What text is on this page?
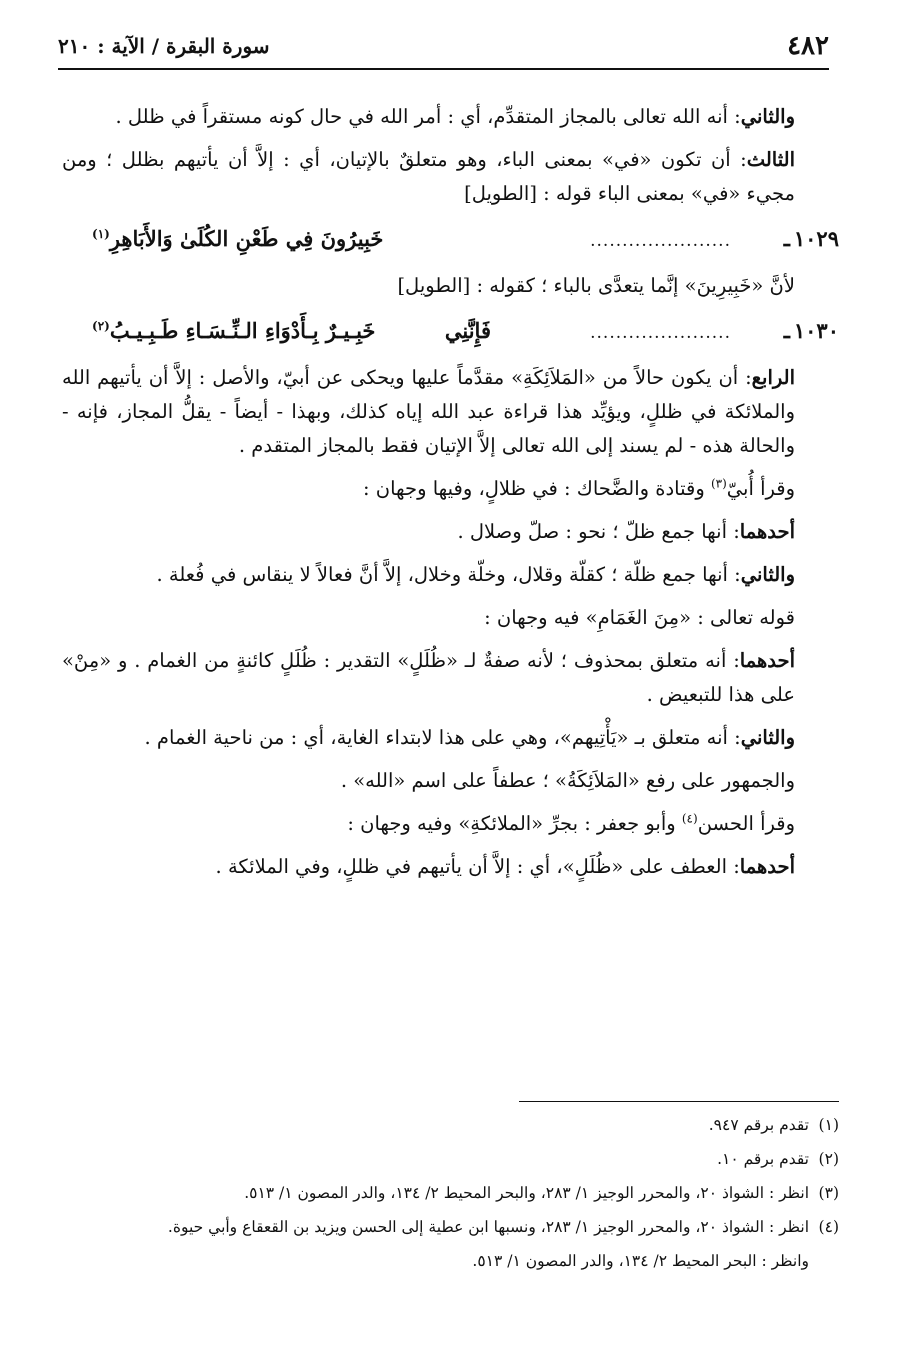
٤٨٢
سورة البقرة / الآية : ٢١٠

والثاني: أنه الله تعالى بالمجاز المتقدِّم، أي : أمر الله في حال كونه مستقراً في ظلل .

الثالث: أن تكون «في» بمعنى الباء، وهو متعلقٌ بالإتيان، أي : إلاَّ أن يأتيهم بظلل ؛ ومن مجيء «في» بمعنى الباء قوله : [الطويل]

١٠٢٩ـ
......................
خَبِيرُونَ فِي طَعْنِ الكُلَىٰ وَالأَبَاهِرِ$^{(١)}$

لأنَّ «خَبِيرِينَ» إنَّما يتعدَّى بالباء ؛ كقوله : [الطويل]

١٠٣٠ـ
......................
فَإِنَّنِي
خَبِـيـرٌ بِـأَدْوَاءِ الـنِّـسَـاءِ طَـبِـيـبُ$^{(٢)}$

الرابع: أن يكون حالاً من «المَلاَئِكَةِ» مقدَّماً عليها ويحكى عن أبيّ، والأصل : إلاَّ أن يأتيهم الله والملائكة في ظللٍ، ويؤيِّد هذا قراءة عبد الله إياه كذلك، وبهذا - أيضاً - يقلُّ المجاز، فإنه - والحالة هذه - لم يسند إلى الله تعالى إلاَّ الإتيان فقط بالمجاز المتقدم .

وقرأ أُبيّ$^{(٣)}$ وقتادة والضَّحاك : في ظلالٍ، وفيها وجهان :

أحدهما: أنها جمع ظلّ ؛ نحو : صلّ وصلال .

والثاني: أنها جمع ظلّة ؛ كقلّة وقلال، وخلّة وخلال، إلاَّ أنَّ فعالاً لا ينقاس في فُعلة .

قوله تعالى : «مِنَ الغَمَامِ» فيه وجهان :

أحدهما: أنه متعلق بمحذوف ؛ لأنه صفةٌ لـ «ظُلَلٍ» التقدير : ظُلَلٍ كائنةٍ من الغمام . و «مِنْ» على هذا للتبعيض .

والثاني: أنه متعلق بـ «يَأْتِيهم»، وهي على هذا لابتداء الغاية، أي : من ناحية الغمام .

والجمهور على رفع «المَلاَئِكَةُ» ؛ عطفاً على اسم «الله» .

وقرأ الحسن$^{(٤)}$ وأبو جعفر : بجرِّ «الملائكةِ» وفيه وجهان :

أحدهما: العطف على «ظُلَلٍ»، أي : إلاَّ أن يأتيهم في ظللٍ، وفي الملائكة .

(١)
تقدم برقم ٩٤٧.

(٢)
تقدم برقم ١٠.

(٣)
انظر : الشواذ ٢٠، والمحرر الوجيز ١/ ٢٨٣، والبحر المحيط ٢/ ١٣٤، والدر المصون ١/ ٥١٣.

(٤)
انظر : الشواذ ٢٠، والمحرر الوجيز ١/ ٢٨٣، ونسبها ابن عطية إلى الحسن ويزيد بن القعقاع وأبي حيوة.

وانظر : البحر المحيط ٢/ ١٣٤، والدر المصون ١/ ٥١٣.
